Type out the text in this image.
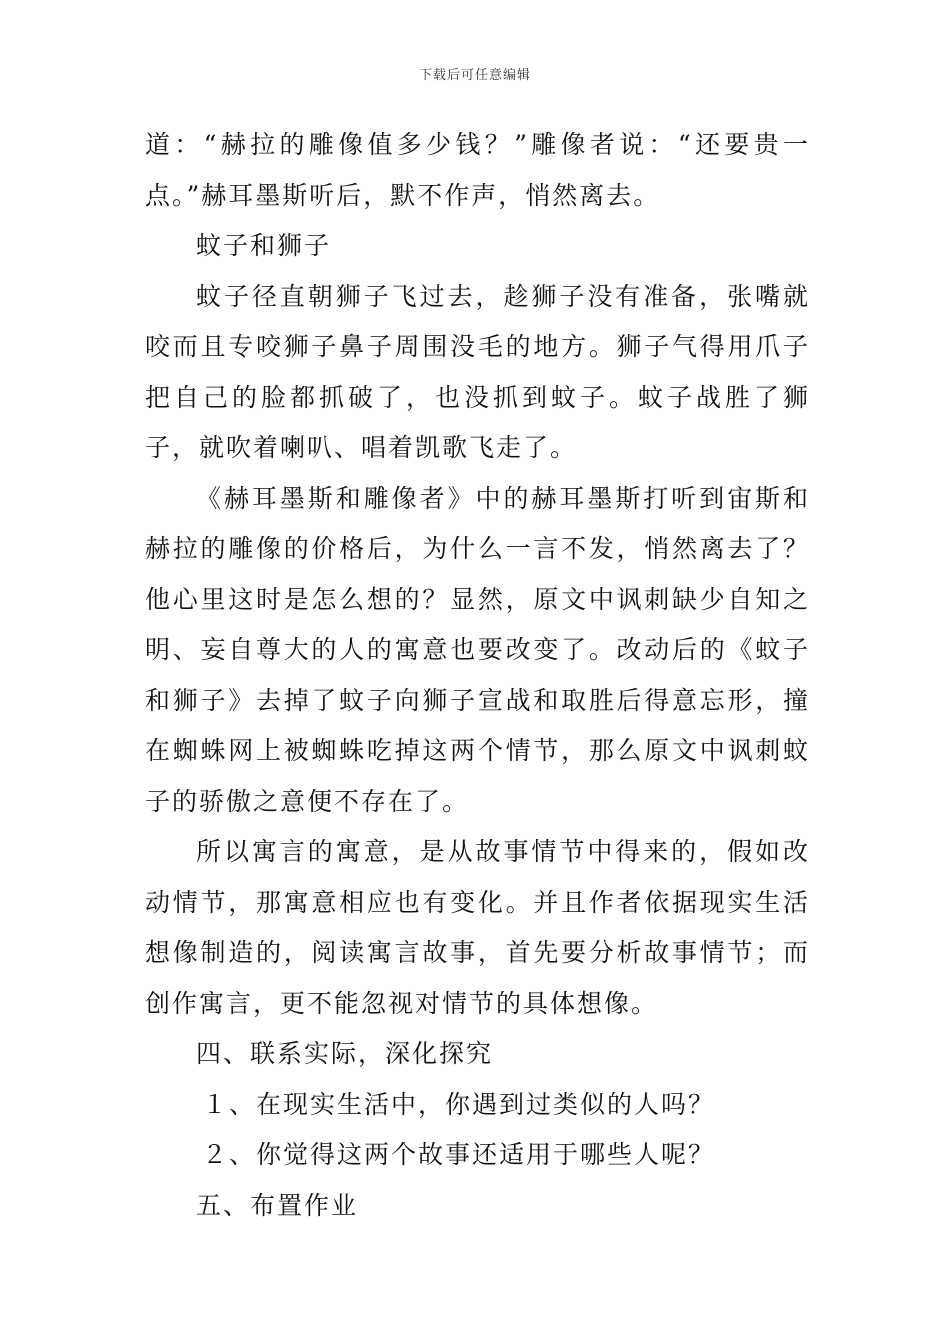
下载后可任意编辑

道：“赫拉的雕像值多少钱？”雕像者说：“还要贵一点。”赫耳墨斯听后，默不作声，悄然离去。

蚊子和狮子

蚊子径直朝狮子飞过去，趁狮子没有准备，张嘴就咬而且专咬狮子鼻子周围没毛的地方。狮子气得用爪子把自己的脸都抓破了，也没抓到蚊子。蚊子战胜了狮子，就吹着喇叭、唱着凯歌飞走了。

《赫耳墨斯和雕像者》中的赫耳墨斯打听到宙斯和赫拉的雕像的价格后，为什么一言不发，悄然离去了？他心里这时是怎么想的？显然，原文中讽刺缺少自知之明、妄自尊大的人的寓意也要改变了。改动后的《蚊子和狮子》去掉了蚊子向狮子宣战和取胜后得意忘形，撞在蜘蛛网上被蜘蛛吃掉这两个情节，那么原文中讽刺蚊子的骄傲之意便不存在了。

所以寓言的寓意，是从故事情节中得来的，假如改动情节，那寓意相应也有变化。并且作者依据现实生活想像制造的，阅读寓言故事，首先要分析故事情节；而创作寓言，更不能忽视对情节的具体想像。

四、联系实际，深化探究

１、在现实生活中，你遇到过类似的人吗？

２、你觉得这两个故事还适用于哪些人呢？

五、布置作业
